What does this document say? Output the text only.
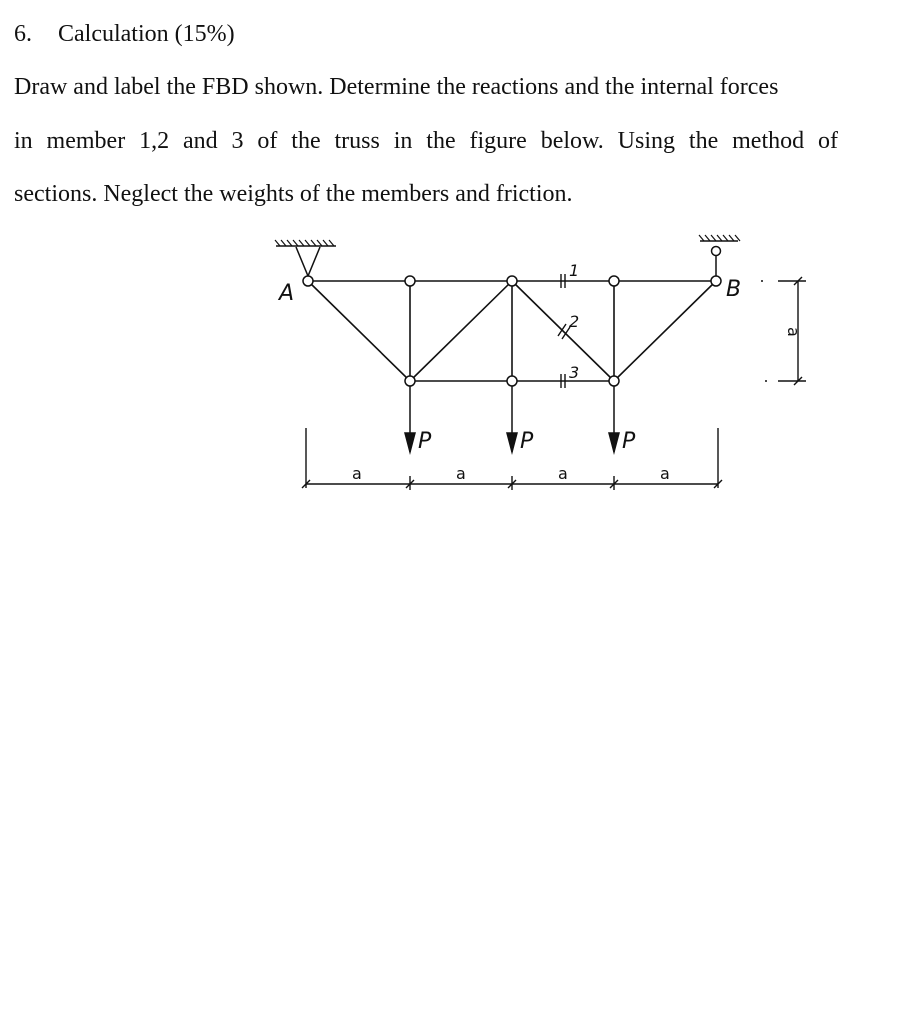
6. Calculation (15%)
Draw and label the FBD shown. Determine the reactions and the internal forces
in member 1,2 and 3 of the truss in the figure below. Using the method of
sections. Neglect the weights of the members and friction.
A	B
1
2
3
P	P	P
a	a	a	a
a
